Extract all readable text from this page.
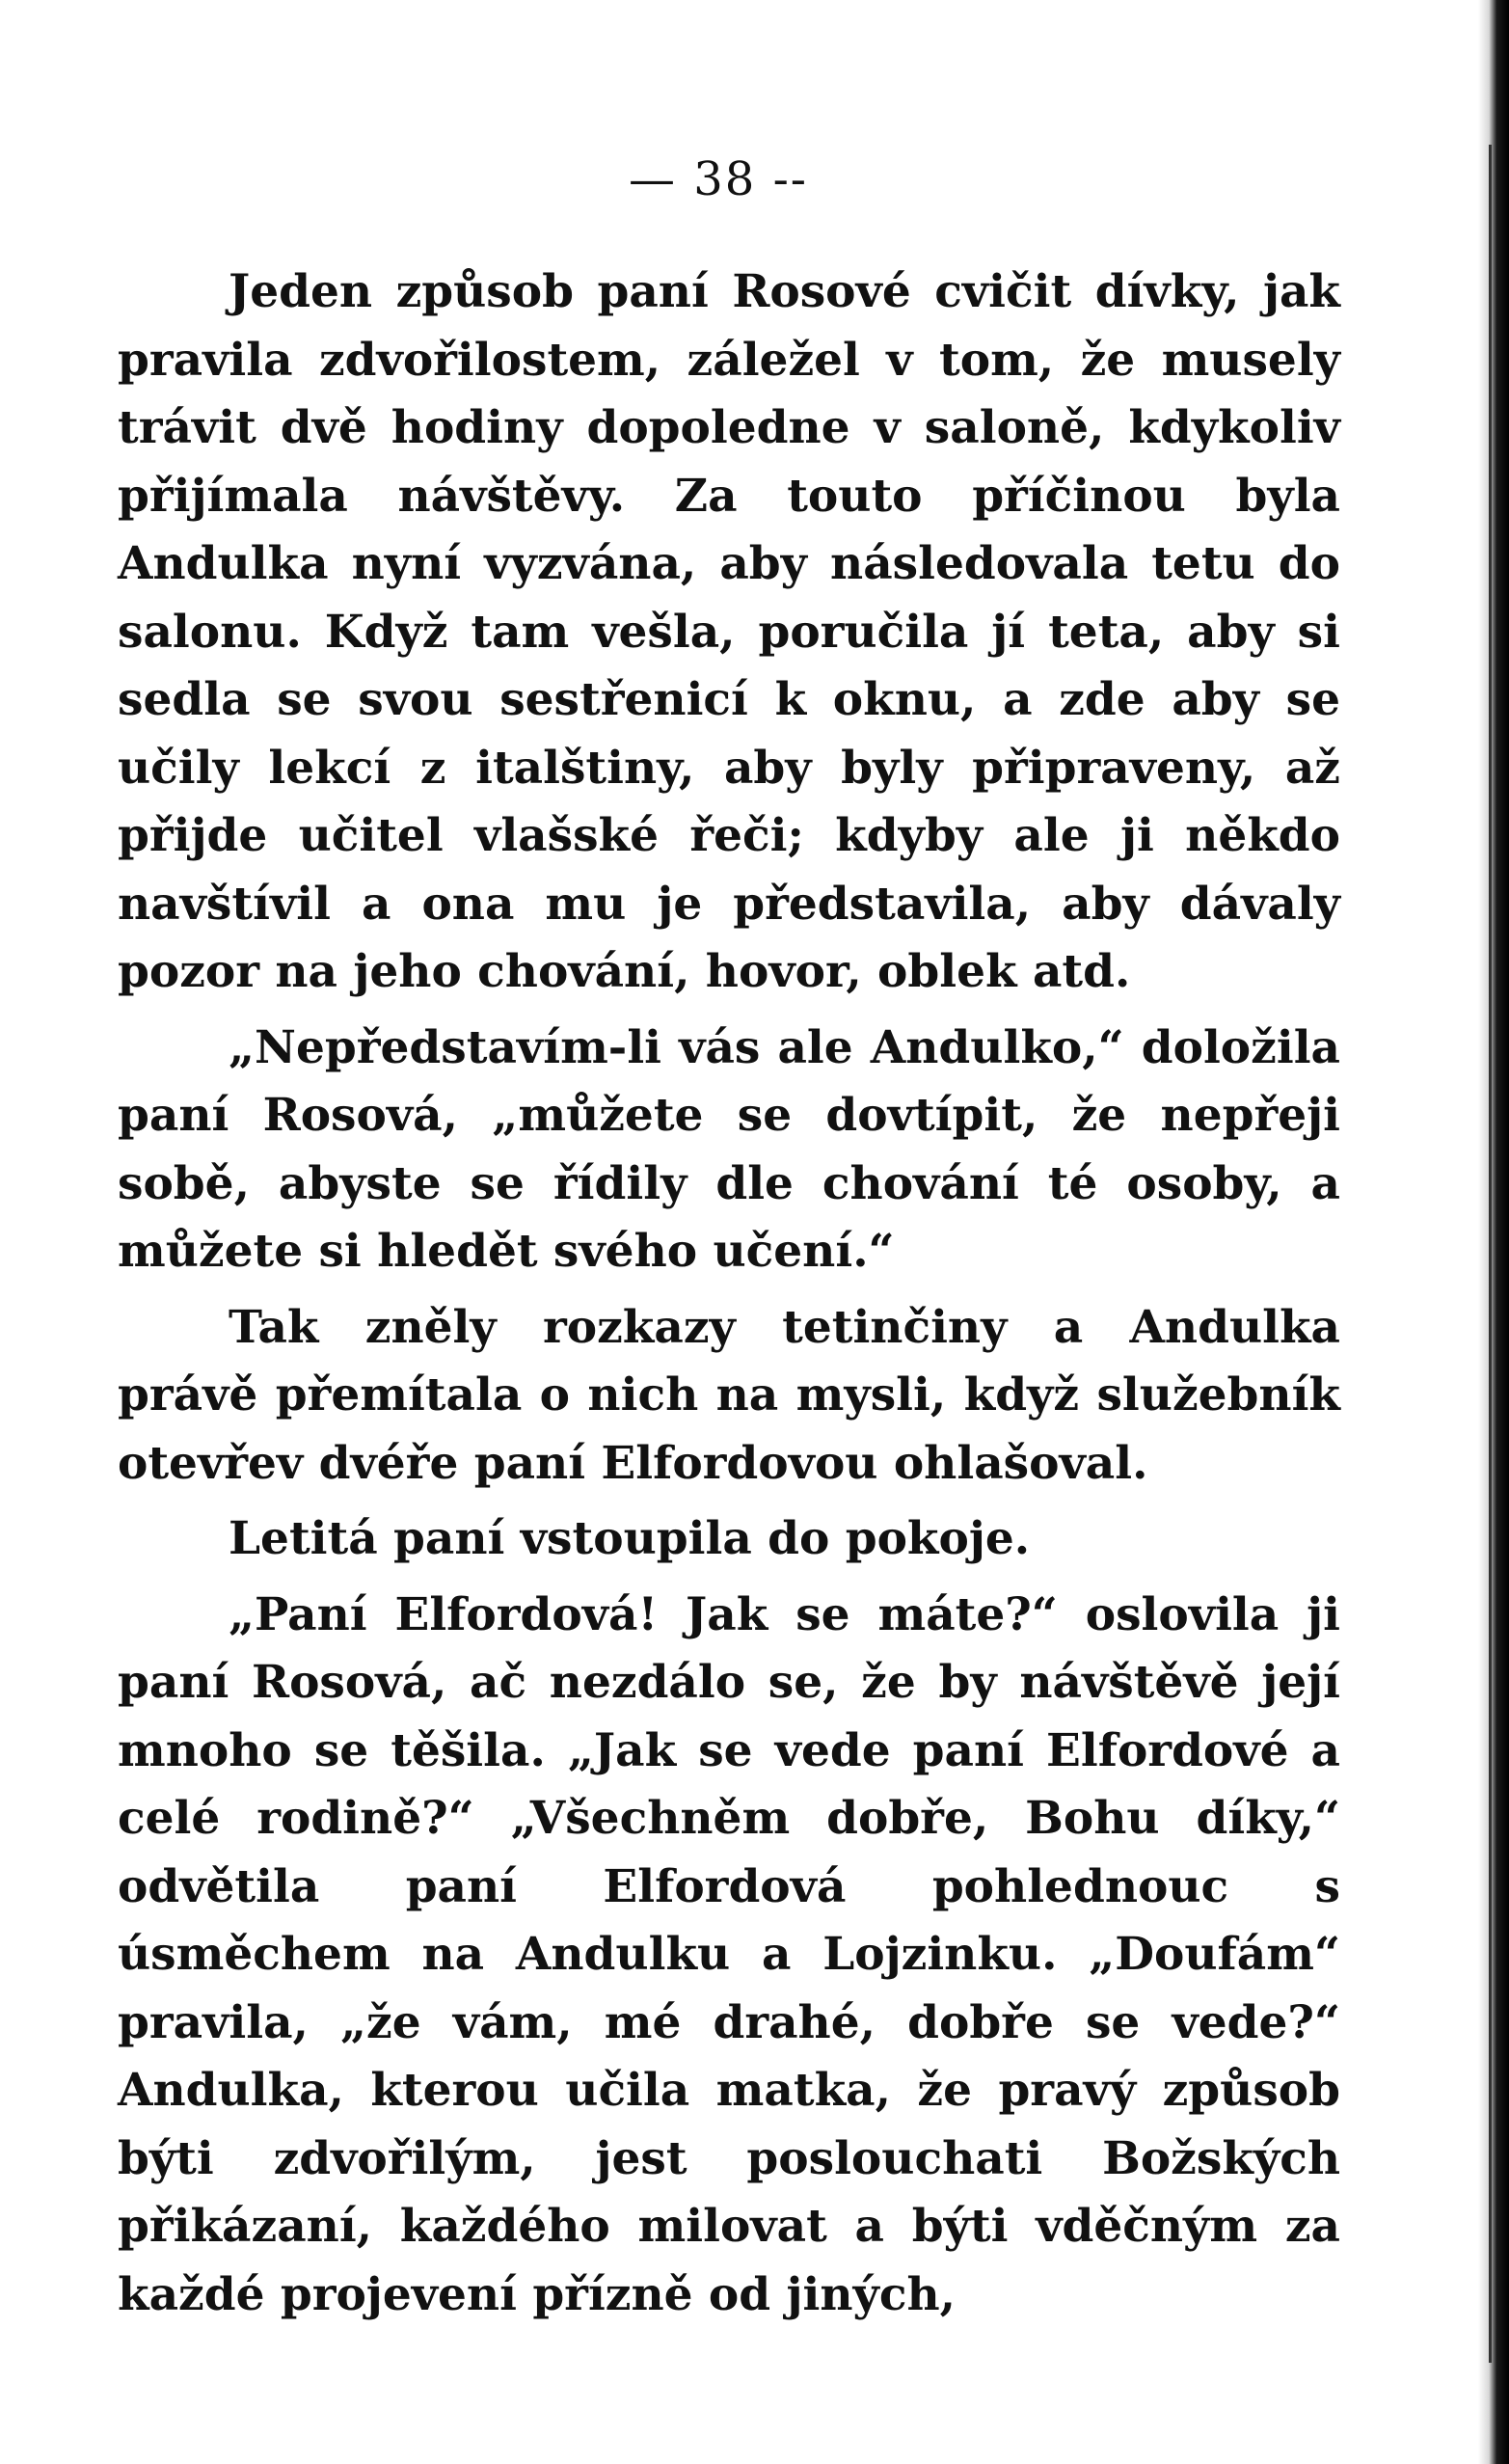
— 38 --

Jeden způsob paní Rosové cvičit dívky, jak pravila zdvořilostem, záležel v tom, že musely trávit dvě hodiny dopoledne v saloně, kdykoliv přijímala návštěvy. Za touto příčinou byla Andulka nyní vyzvána, aby následovala tetu do salonu. Když tam vešla, poručila jí teta, aby si sedla se svou sestřenicí k oknu, a zde aby se učily lekcí z italštiny, aby byly připraveny, až přijde učitel vlašské řeči; kdyby ale ji někdo navštívil a ona mu je představila, aby dávaly pozor na jeho chování, hovor, oblek atd.

„Nepředstavím-li vás ale Andulko,“ doložila paní Rosová, „můžete se dovtípit, že nepřeji sobě, abyste se řídily dle chování té osoby, a můžete si hledět svého učení.“

Tak zněly rozkazy tetinčiny a Andulka právě přemítala o nich na mysli, když služebník otevřev dvéře paní Elfordovou ohlašoval.

Letitá paní vstoupila do pokoje.

„Paní Elfordová! Jak se máte?“ oslovila ji paní Rosová, ač nezdálo se, že by návštěvě její mnoho se těšila. „Jak se vede paní Elfordové a celé rodině?“ „Všechněm dobře, Bohu díky,“ odvětila paní Elfordová pohlednouc s úsměchem na Andulku a Lojzinku. „Doufám“ pravila, „že vám, mé drahé, dobře se vede?“ Andulka, kterou učila matka, že pravý způsob býti zdvořilým, jest poslouchati Božských přikázaní, každého milovat a býti vděčným za každé projevení přízně od jiných,
